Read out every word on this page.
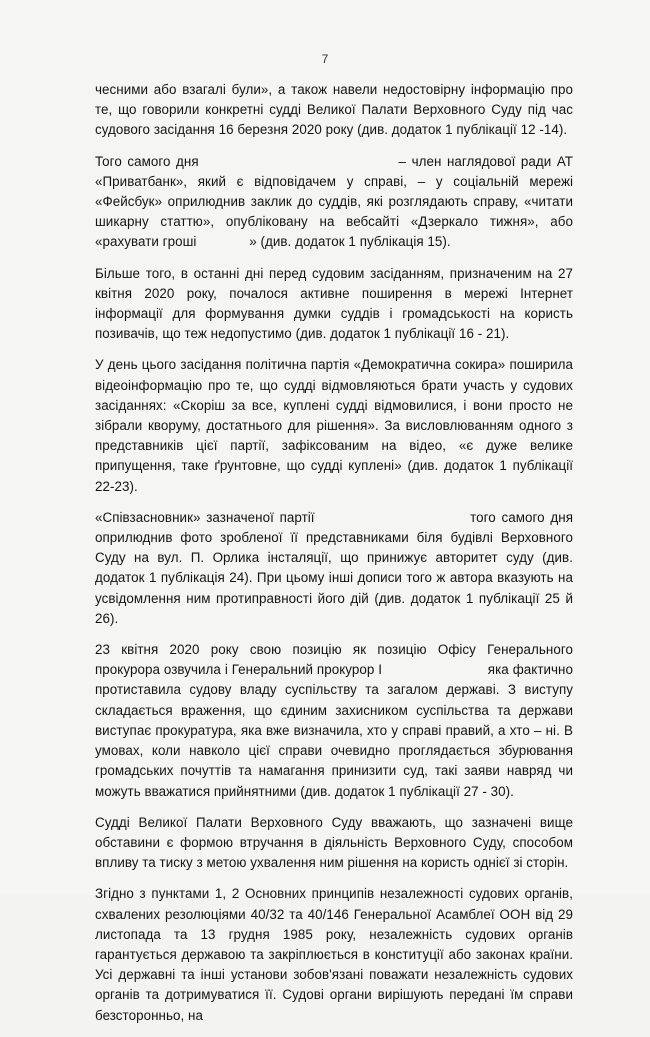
7

чесними або взагалі були», а також навели недостовірну інформацію про те, що говорили конкретні судді Великої Палати Верховного Суду під час судового засідання 16 березня 2020 року (див. додаток 1 публікації 12 -14).

Того самого дня                                    – член наглядової ради АТ «Приватбанк», який є відповідачем у справі, – у соціальній мережі «Фейсбук» оприлюднив заклик до суддів, які розглядають справу, «читати шикарну статтю», опубліковану на вебсайті «Дзеркало тижня», або «рахувати гроші              » (див. додаток 1 публікація 15).

Більше того, в останні дні перед судовим засіданням, призначеним на 27 квітня 2020 року, почалося активне поширення в мережі Інтернет інформації для формування думки суддів і громадськості на користь позивачів, що теж недопустимо (див. додаток 1 публікації 16 - 21).

У день цього засідання політична партія «Демократична сокира» поширила відеоінформацію про те, що судді відмовляються брати участь у судових засіданнях: «Скоріш за все, куплені судді відмовилися, і вони просто не зібрали кворуму, достатнього для рішення». За висловлюванням одного з представників цієї партії, зафіксованим на відео, «є дуже велике припущення, таке ґрунтовне, що судді куплені» (див. додаток 1 публікації 22-23).

«Співзасновник» зазначеної партії                           того самого дня оприлюднив фото зробленої її представниками біля будівлі Верховного Суду на вул. П. Орлика інсталяції, що принижує авторитет суду (див. додаток 1 публікація 24). При цьому інші дописи того ж автора вказують на усвідомлення ним протиправності його дій (див. додаток 1 публікації 25 й 26).

23 квітня 2020 року свою позицію як позицію Офісу Генерального прокурора озвучила і Генеральний прокурор І                           яка фактично протиставила судову владу суспільству та загалом державі. З виступу складається враження, що єдиним захисником суспільства та держави виступає прокуратура, яка вже визначила, хто у справі правий, а хто – ні. В умовах, коли навколо цієї справи очевидно проглядається збурювання громадських почуттів та намагання принизити суд, такі заяви навряд чи можуть вважатися прийнятними (див. додаток 1 публікації 27 - 30).

Судді Великої Палати Верховного Суду вважають, що зазначені вище обставини є формою втручання в діяльність Верховного Суду, способом впливу та тиску з метою ухвалення ним рішення на користь однієї зі сторін.

Згідно з пунктами 1, 2 Основних принципів незалежності судових органів, схвалених резолюціями 40/32 та 40/146 Генеральної Асамблеї ООН від 29 листопада та 13 грудня 1985 року, незалежність судових органів гарантується державою та закріплюється в конституції або законах країни. Усі державні та інші установи зобов'язані поважати незалежність судових органів та дотримуватися її. Судові органи вирішують передані їм справи безсторонньо, на
